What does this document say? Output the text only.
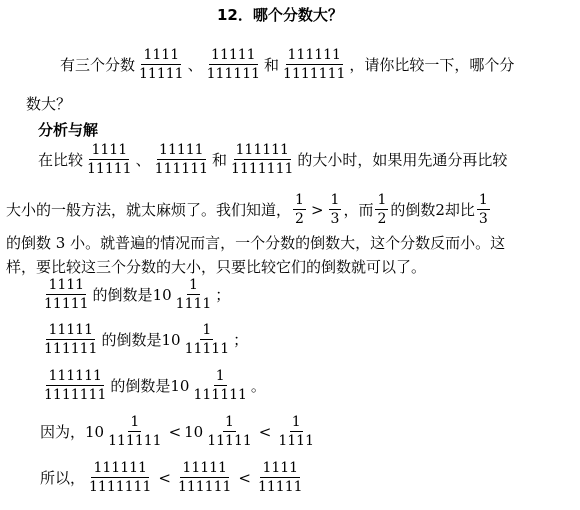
12．哪个分数大？
有三个分数 $\frac{1111}{11111}$ 、 $\frac{11111}{111111}$ 和 $\frac{111111}{1111111}$ ，请你比较一下，哪个分
数大？
分析与解
在比较 $\frac{1111}{11111}$ 、 $\frac{11111}{111111}$ 和 $\frac{111111}{1111111}$ 的大小时，如果用先通分再比较
大小的一般方法，就太麻烦了。我们知道， $\frac{1}{2} > \frac{1}{3}$ ，而 $\frac{1}{2}$ 的倒数2却比 $\frac{1}{3}$
的倒数 3 小。就普遍的情况而言，一个分数的倒数大，这个分数反而小。这
样，要比较这三个分数的大小，只要比较它们的倒数就可以了。
$\frac{1111}{11111}$ 的倒数是 $10 \frac{1}{1111}$ ；
$\frac{11111}{111111}$ 的倒数是 $10 \frac{1}{11111}$ ；
$\frac{111111}{1111111}$ 的倒数是 $10 \frac{1}{111111}$ 。
因为， $10 \frac{1}{111111} < 10 \frac{1}{11111} < \frac{1}{1111}$
所以， $\frac{111111}{1111111} < \frac{11111}{111111} < \frac{1111}{11111}$
